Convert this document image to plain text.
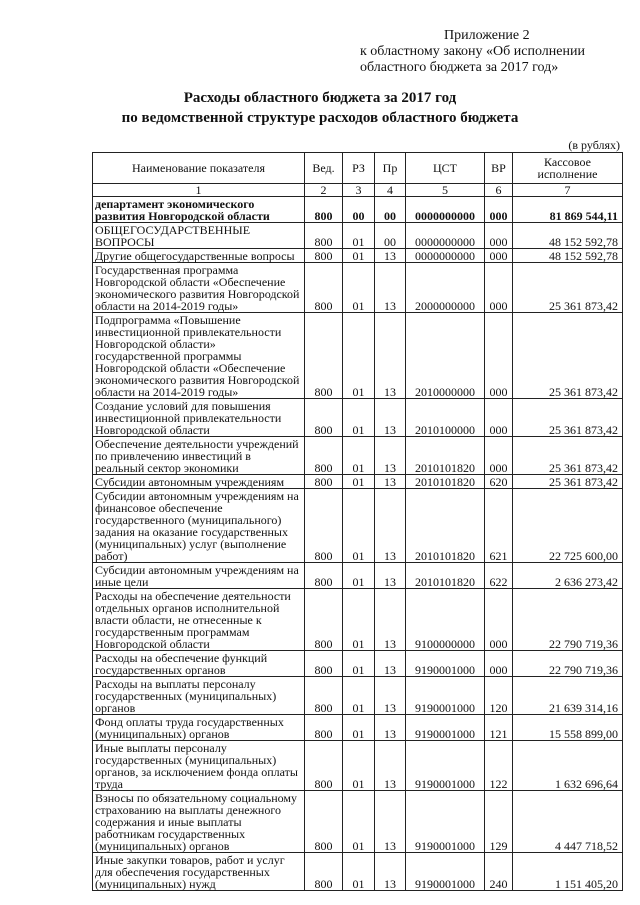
Приложение 2
к областному закону «Об исполнении
областного бюджета за 2017 год»
Расходы областного бюджета за 2017 год
по ведомственной структуре расходов областного бюджета
(в рублях)
Наименование показателя	Вед.	РЗ	Пр	ЦСТ	ВР	Кассовое исполнение
1	2	3	4	5	6	7
департамент экономического развития Новгородской области	800	00	00	0000000000	000	81 869 544,11
ОБЩЕГОСУДАРСТВЕННЫЕ ВОПРОСЫ	800	01	00	0000000000	000	48 152 592,78
Другие общегосударственные вопросы	800	01	13	0000000000	000	48 152 592,78
Государственная программа Новгородской области «Обеспечение экономического развития Новгородской области на 2014-2019 годы»	800	01	13	2000000000	000	25 361 873,42
Подпрограмма «Повышение инвестиционной привлекательности Новгородской области» государственной программы Новгородской области «Обеспечение экономического развития Новгородской области на 2014-2019 годы»	800	01	13	2010000000	000	25 361 873,42
Создание условий для повышения инвестиционной привлекательности Новгородской области	800	01	13	2010100000	000	25 361 873,42
Обеспечение деятельности учреждений по привлечению инвестиций в реальный сектор экономики	800	01	13	2010101820	000	25 361 873,42
Субсидии автономным учреждениям	800	01	13	2010101820	620	25 361 873,42
Субсидии автономным учреждениям на финансовое обеспечение государственного (муниципального) задания на оказание государственных (муниципальных) услуг (выполнение работ)	800	01	13	2010101820	621	22 725 600,00
Субсидии автономным учреждениям на иные цели	800	01	13	2010101820	622	2 636 273,42
Расходы на обеспечение деятельности отдельных органов исполнительной власти области, не отнесенные к государственным программам Новгородской области	800	01	13	9100000000	000	22 790 719,36
Расходы на обеспечение функций государственных органов	800	01	13	9190001000	000	22 790 719,36
Расходы на выплаты персоналу государственных (муниципальных) органов	800	01	13	9190001000	120	21 639 314,16
Фонд оплаты труда государственных (муниципальных) органов	800	01	13	9190001000	121	15 558 899,00
Иные выплаты персоналу государственных (муниципальных) органов, за исключением фонда оплаты труда	800	01	13	9190001000	122	1 632 696,64
Взносы по обязательному социальному страхованию на выплаты денежного содержания и иные выплаты работникам государственных (муниципальных) органов	800	01	13	9190001000	129	4 447 718,52
Иные закупки товаров, работ и услуг для обеспечения государственных (муниципальных) нужд	800	01	13	9190001000	240	1 151 405,20
